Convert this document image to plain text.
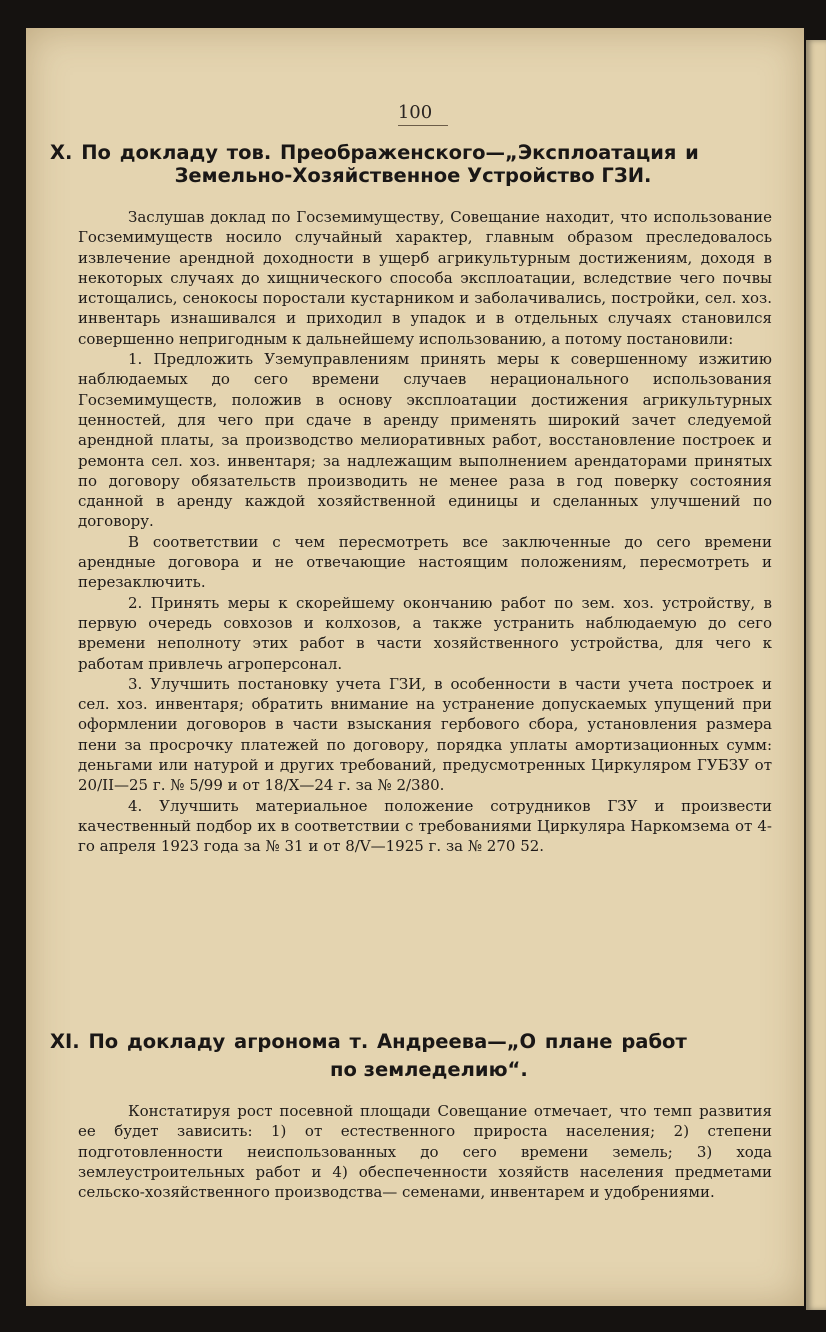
100

X. По докладу тов. Преображенского—„Эксплоатация и
Земельно-Хозяйственное Устройство ГЗИ.

Заслушав доклад по Госземимуществу, Совещание находит, что использование Госземимуществ носило случайный характер, главным образом преследовалось извлечение арендной доходности в ущерб агрикультурным достижениям, доходя в некоторых случаях до хищнического способа эксплоатации, вследствие чего почвы истощались, сенокосы поростали кустарником и заболачивались, постройки, сел. хоз. инвентарь изнашивался и приходил в упадок и в отдельных случаях становился совершенно непригодным к дальнейшему использованию, а потому постановили:

1. Предложить Уземуправлениям принять меры к совершенному изжитию наблюдаемых до сего времени случаев нерационального использования Госземимуществ, положив в основу эксплоатации достижения агрикультурных ценностей, для чего при сдаче в аренду применять широкий зачет следуемой арендной платы, за производство мелиоративных работ, восстановление построек и ремонта сел. хоз. инвентаря; за надлежащим выполнением арендаторами принятых по договору обязательств производить не менее раза в год поверку состояния сданной в аренду каждой хозяйственной единицы и сделанных улучшений по договору.

В соответствии с чем пересмотреть все заключенные до сего времени арендные договора и не отвечающие настоящим положениям, пересмотреть и перезаключить.

2. Принять меры к скорейшему окончанию работ по зем. хоз. устройству, в первую очередь совхозов и колхозов, а также устранить наблюдаемую до сего времени неполноту этих работ в части хозяйственного устройства, для чего к работам привлечь агроперсонал.

3. Улучшить постановку учета ГЗИ, в особенности в части учета построек и сел. хоз. инвентаря; обратить внимание на устранение допускаемых упущений при оформлении договоров в части взыскания гербового сбора, установления размера пени за просрочку платежей по договору, порядка уплаты амортизационных сумм: деньгами или натурой и других требований, предусмотренных Циркуляром ГУБЗУ от 20/II—25 г. № 5/99 и от 18/X—24 г. за № 2/380.

4. Улучшить материальное положение сотрудников ГЗУ и произвести качественный подбор их в соответствии с требованиями Циркуляра Наркомзема от 4-го апреля 1923 года за № 31 и от 8/V—1925 г. за № 270 52.

XI. По докладу агронома т. Андреева—„О плане работ
по земледелию“.

Констатируя рост посевной площади Совещание отмечает, что темп развития ее будет зависить: 1) от естественного прироста населения; 2) степени подготовленности неиспользованных до сего времени земель; 3) хода землеустроительных работ и 4) обеспеченности хозяйств населения предметами сельско-хозяйственного производства— семенами, инвентарем и удобрениями.
